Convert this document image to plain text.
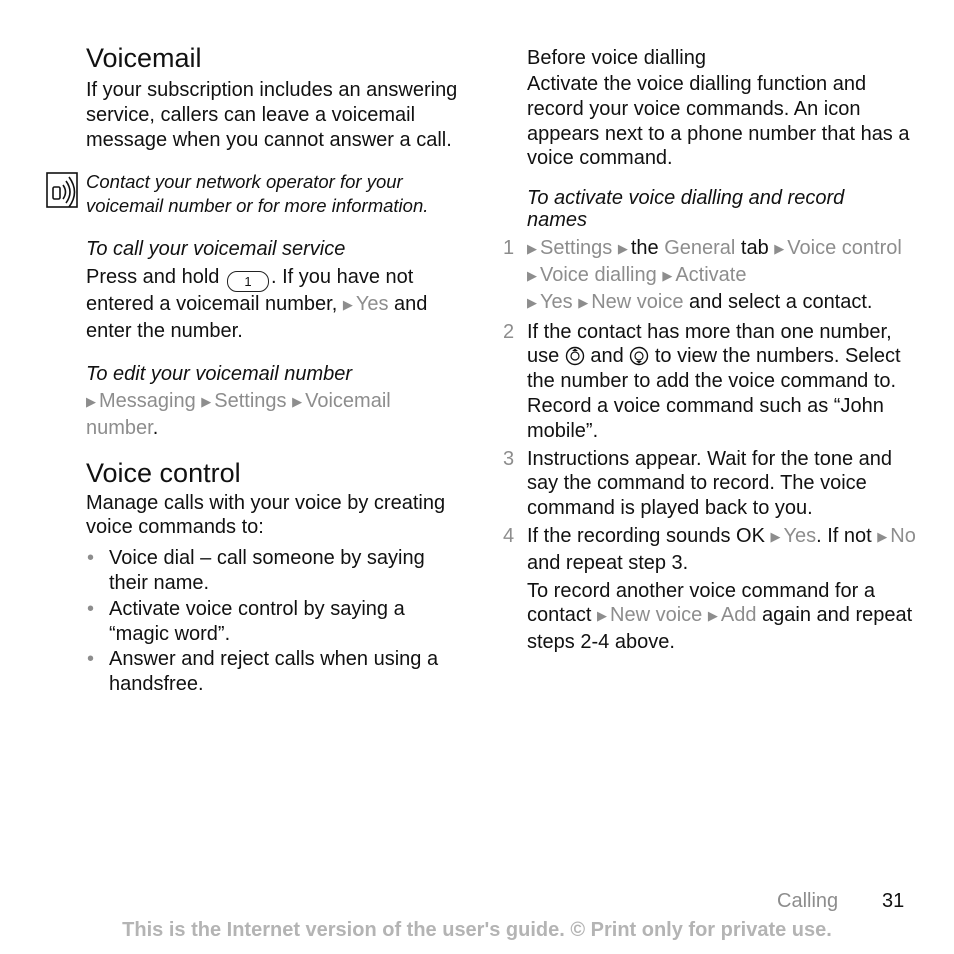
Voicemail

If your subscription includes an answering service, callers can leave a voicemail message when you cannot answer a call.

Contact your network operator for your voicemail number or for more information.

To call your voicemail service

Press and hold 1 . If you have not entered a voicemail number, ▶ Yes and enter the number.

To edit your voicemail number

▶ Messaging ▶ Settings ▶ Voicemail number.

Voice control

Manage calls with your voice by creating voice commands to:

• Voice dial – call someone by saying their name.
• Activate voice control by saying a “magic word”.
• Answer and reject calls when using a handsfree.

Before voice dialling

Activate the voice dialling function and record your voice commands. An icon appears next to a phone number that has a voice command.

To activate voice dialling and record names

1 ▶ Settings ▶ the General tab ▶ Voice control ▶ Voice dialling ▶ Activate
▶ Yes ▶ New voice and select a contact.
2 If the contact has more than one number, use and to view the numbers. Select the number to add the voice command to. Record a voice command such as “John mobile”.
3 Instructions appear. Wait for the tone and say the command to record. The voice command is played back to you.
4 If the recording sounds OK ▶ Yes. If not ▶ No and repeat step 3.

To record another voice command for a contact ▶ New voice ▶ Add again and repeat steps 2-4 above.

Calling 31
This is the Internet version of the user's guide. © Print only for private use.
